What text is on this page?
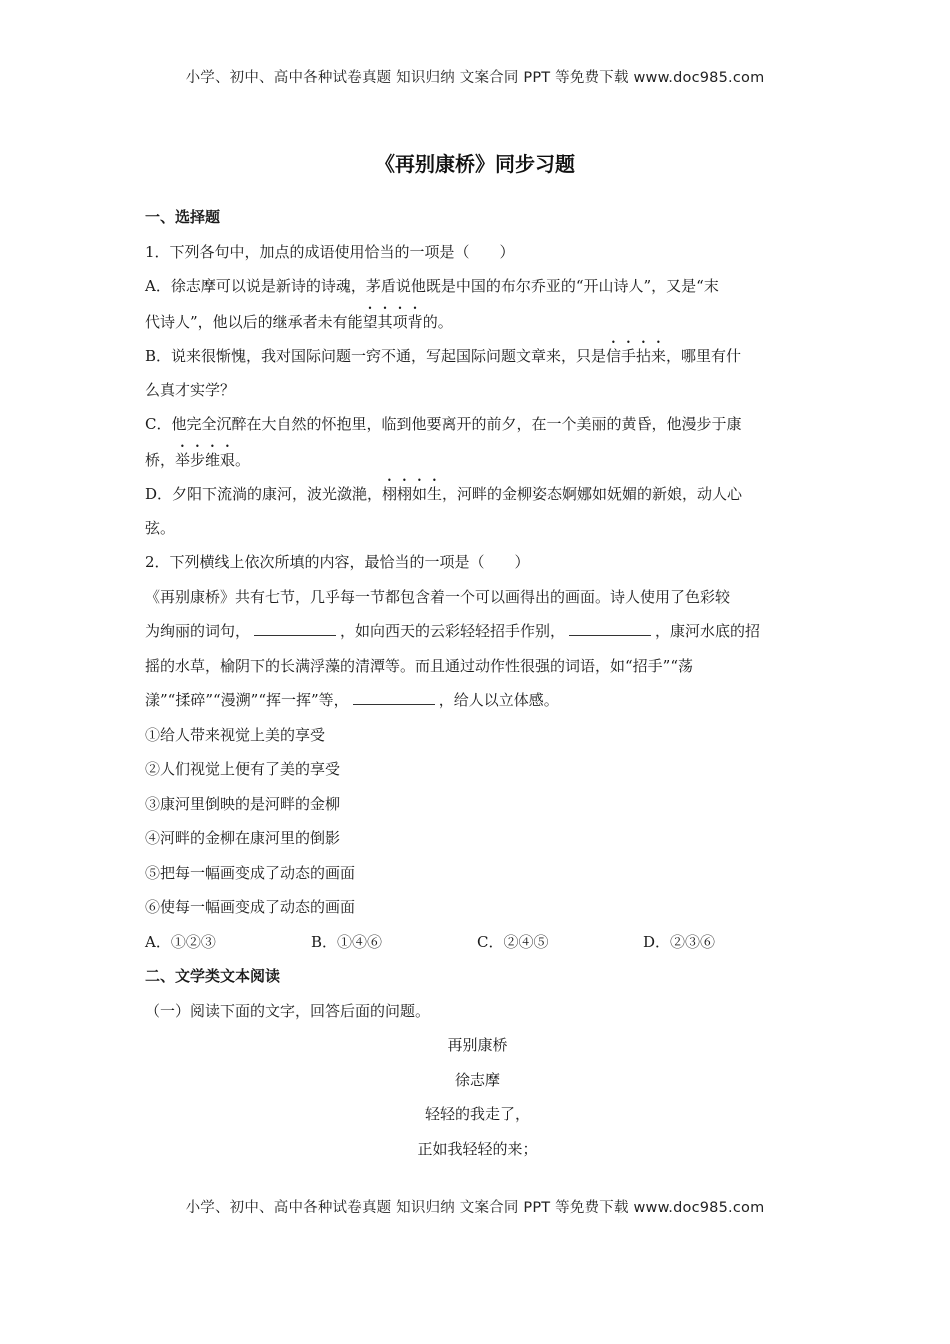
小学、初中、高中各种试卷真题 知识归纳 文案合同 PPT 等免费下载 www.doc985.com
《再别康桥》同步习题
一、选择题
1．下列各句中，加点的成语使用恰当的一项是（　　）
A．徐志摩可以说是新诗的诗魂，茅盾说他既是中国的布尔乔亚的“开山诗人”，又是“末
代诗人”，他以后的继承者未有能望其项背的。
B．说来很惭愧，我对国际问题一窍不通，写起国际问题文章来，只是信手拈来，哪里有什
么真才实学？
C．他完全沉醉在大自然的怀抱里，临到他要离开的前夕，在一个美丽的黄昏，他漫步于康
桥，举步维艰。
D．夕阳下流淌的康河，波光潋滟，栩栩如生，河畔的金柳姿态婀娜如妩媚的新娘，动人心
弦。
2．下列横线上依次所填的内容，最恰当的一项是（　　）
《再别康桥》共有七节，几乎每一节都包含着一个可以画得出的画面。诗人使用了色彩较
为绚丽的词句，	，如向西天的云彩轻轻招手作别，	，康河水底的招
摇的水草，榆阴下的长满浮藻的清潭等。而且通过动作性很强的词语，如“招手”“荡
漾”“揉碎”“漫溯”“挥一挥”等，	，给人以立体感。
①给人带来视觉上美的享受
②人们视觉上便有了美的享受
③康河里倒映的是河畔的金柳
④河畔的金柳在康河里的倒影
⑤把每一幅画变成了动态的画面
⑥使每一幅画变成了动态的画面
A．①②③	B．①④⑥	C．②④⑤	D．②③⑥
二、文学类文本阅读
（一）阅读下面的文字，回答后面的问题。
再别康桥
徐志摩
轻轻的我走了，
正如我轻轻的来；
小学、初中、高中各种试卷真题 知识归纳 文案合同 PPT 等免费下载 www.doc985.com
